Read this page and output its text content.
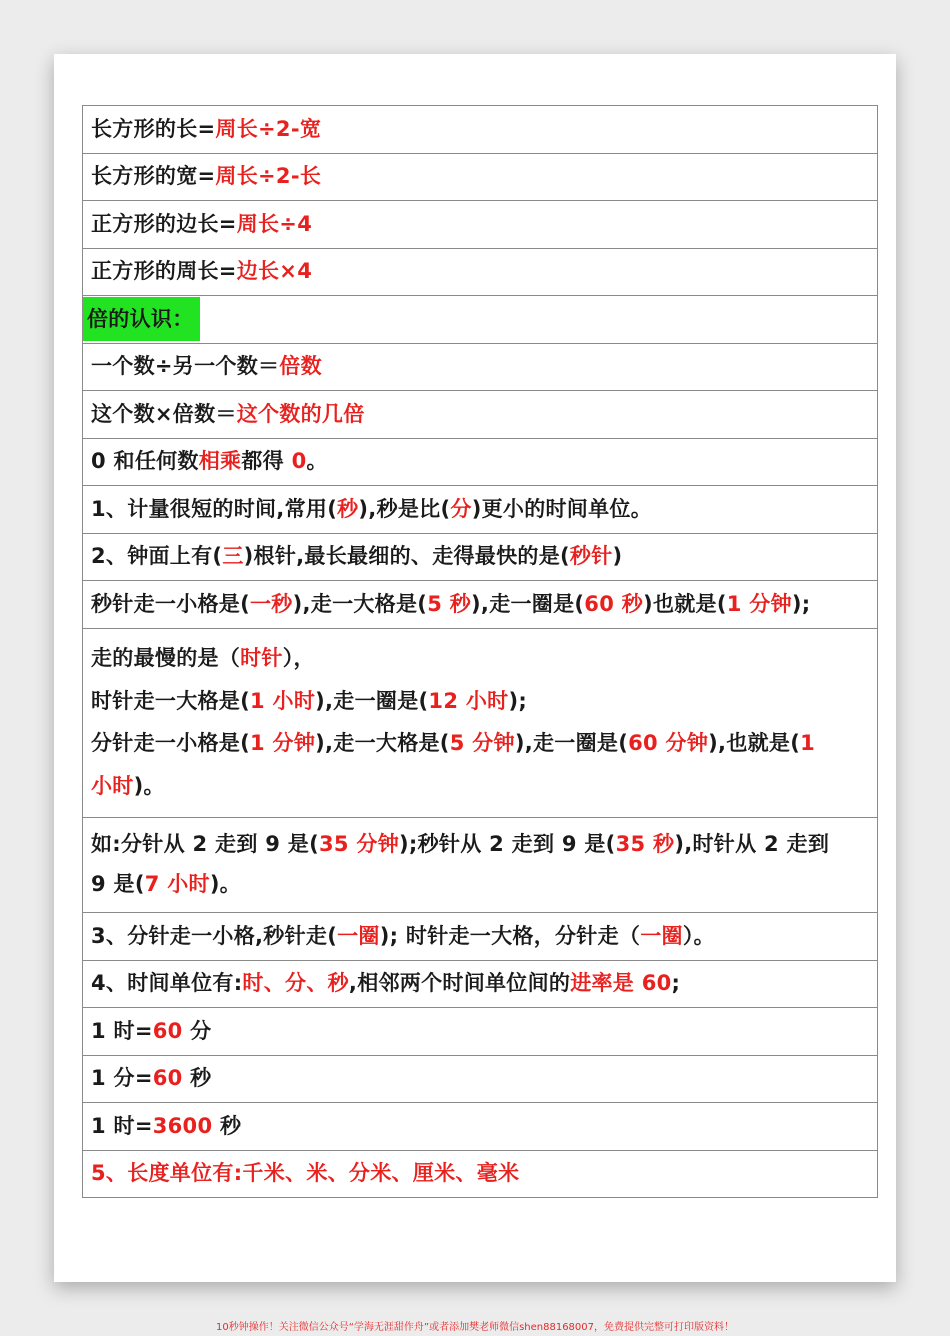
长方形的长=周长÷2-宽
长方形的宽=周长÷2-长
正方形的边长=周长÷4
正方形的周长=边长×4
倍的认识：
一个数÷另一个数＝倍数
这个数×倍数＝这个数的几倍
0 和任何数相乘都得 0。
1、计量很短的时间,常用(秒),秒是比(分)更小的时间单位。
2、钟面上有(三)根针,最长最细的、走得最快的是(秒针)
秒针走一小格是(一秒),走一大格是(5 秒),走一圈是(60 秒)也就是(1 分钟);
走的最慢的是（时针），
时针走一大格是(1 小时),走一圈是(12 小时);
分针走一小格是(1 分钟),走一大格是(5 分钟),走一圈是(60 分钟),也就是(1
小时)。
如:分针从 2 走到 9 是(35 分钟);秒针从 2 走到 9 是(35 秒),时针从 2 走到
9 是(7 小时)。
3、分针走一小格,秒针走(一圈); 时针走一大格，分针走（一圈）。
4、时间单位有:时、分、秒,相邻两个时间单位间的进率是 60;
1 时=60 分
1 分=60 秒
1 时=3600 秒
5、长度单位有:千米、米、分米、厘米、毫米
10秒钟操作！关注微信公众号“学海无涯甜作舟”或者添加樊老师微信shen88168007，免费提供完整可打印版资料！
